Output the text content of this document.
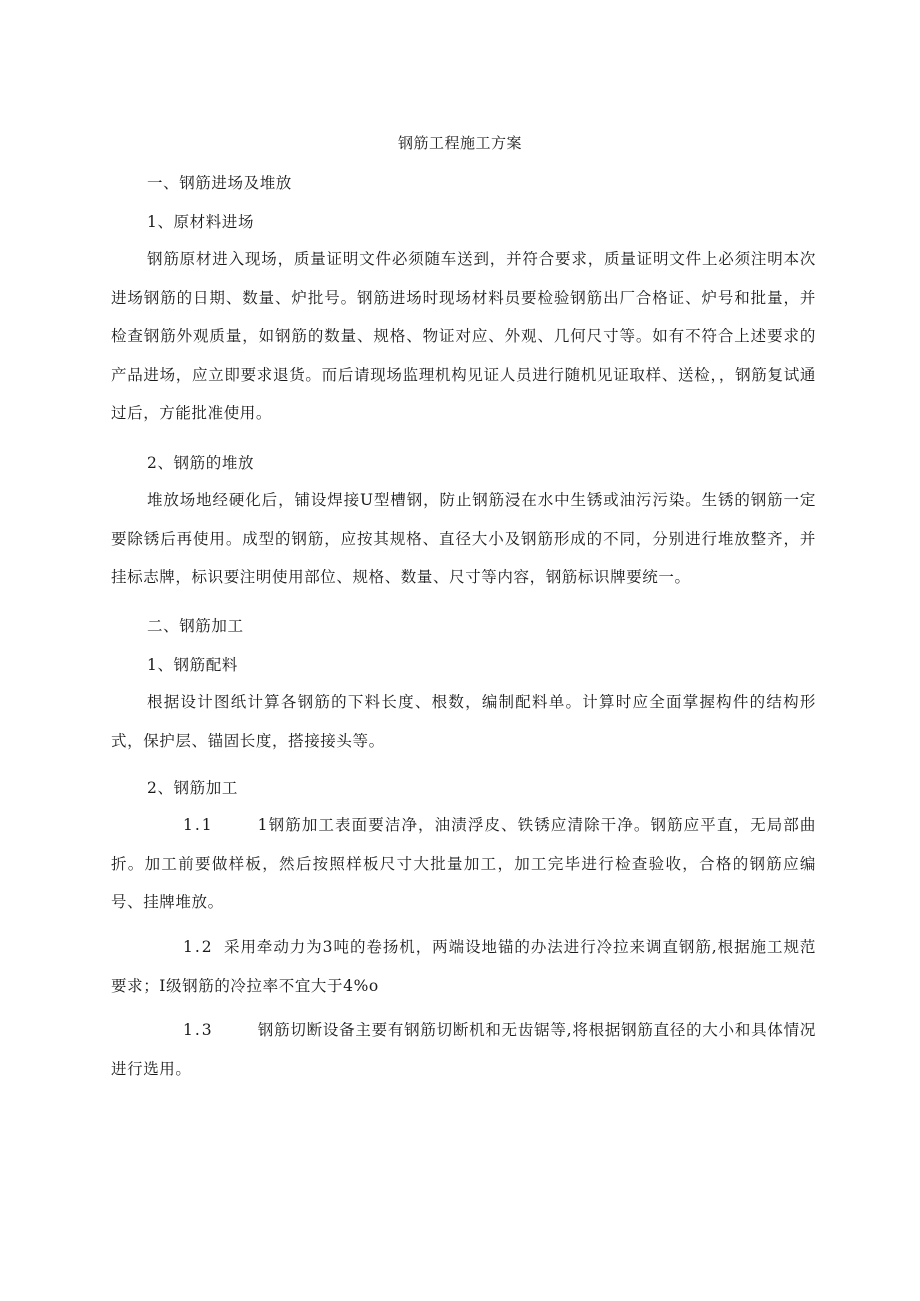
钢筋工程施工方案
一、钢筋进场及堆放
1、原材料进场

钢筋原材进入现场，质量证明文件必须随车送到，并符合要求，质量证明文件上必须注明本次进场钢筋的日期、数量、炉批号。钢筋进场时现场材料员要检验钢筋出厂合格证、炉号和批量，并检查钢筋外观质量，如钢筋的数量、规格、物证对应、外观、几何尺寸等。如有不符合上述要求的产品进场，应立即要求退货。而后请现场监理机构见证人员进行随机见证取样、送检，，钢筋复试通过后，方能批准使用。

2、钢筋的堆放

堆放场地经硬化后，铺设焊接U型槽钢，防止钢筋浸在水中生锈或油污污染。生锈的钢筋一定要除锈后再使用。成型的钢筋，应按其规格、直径大小及钢筋形成的不同，分别进行堆放整齐，并挂标志牌，标识要注明使用部位、规格、数量、尺寸等内容，钢筋标识牌要统一。

二、钢筋加工
1、钢筋配料

根据设计图纸计算各钢筋的下料长度、根数，编制配料单。计算时应全面掌握构件的结构形式，保护层、锚固长度，搭接接头等。

2、钢筋加工

1.1	1钢筋加工表面要洁净，油渍浮皮、铁锈应清除干净。钢筋应平直，无局部曲折。加工前要做样板，然后按照样板尺寸大批量加工，加工完毕进行检查验收，合格的钢筋应编号、挂牌堆放。

1.2 采用牵动力为3吨的卷扬机，两端设地锚的办法进行冷拉来调直钢筋,根据施工规范要求；I级钢筋的冷拉率不宜大于4%o

1.3	钢筋切断设备主要有钢筋切断机和无齿锯等,将根据钢筋直径的大小和具体情况进行选用。
